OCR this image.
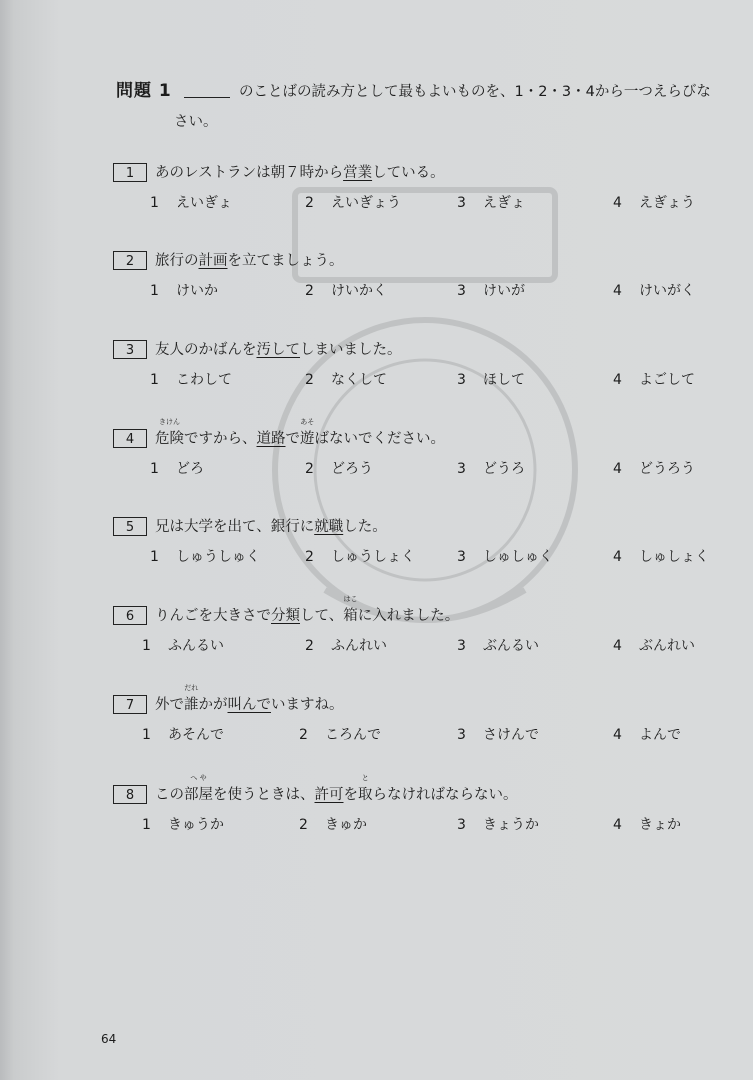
問題 1	のことばの読み方として最もよいものを、1・2・3・4から一つえらびな
さい。
1	あのレストランは朝７時から 営業 している。
1 えいぎょ	2 えいぎょう	3 えぎょ	4 えぎょう
2	旅行の 計画 を立てましょう。
1 けいか	2 けいかく	3 けいが	4 けいがく
3	友人のかばんを 汚して しまいました。
1 こわして	2 なくして	3 ほして	4 よごして
4
きけん
危険 ですから、 道路 で
あそ
遊 ばないでください。
1 どろ	2 どろう	3 どうろ	4 どうろう
5	兄は大学を出て、銀行に 就職 した。
1 しゅうしゅく	2 しゅうしょく	3 しゅしゅく	4 しゅしょく
6	りんごを大きさで 分類 して、
はこ
箱 に入れました。
1 ふんるい	2 ふんれい	3 ぶんるい	4 ぶんれい
7	外で
だれ
誰 かが 叫んで いますね。
1 あそんで	2 ころんで	3 さけんで	4 よんで
8	この
へ や
部屋 を使うときは、 許可 を
と
取 らなければならない。
1 きゅうか	2 きゅか	3 きょうか	4 きょか
64
